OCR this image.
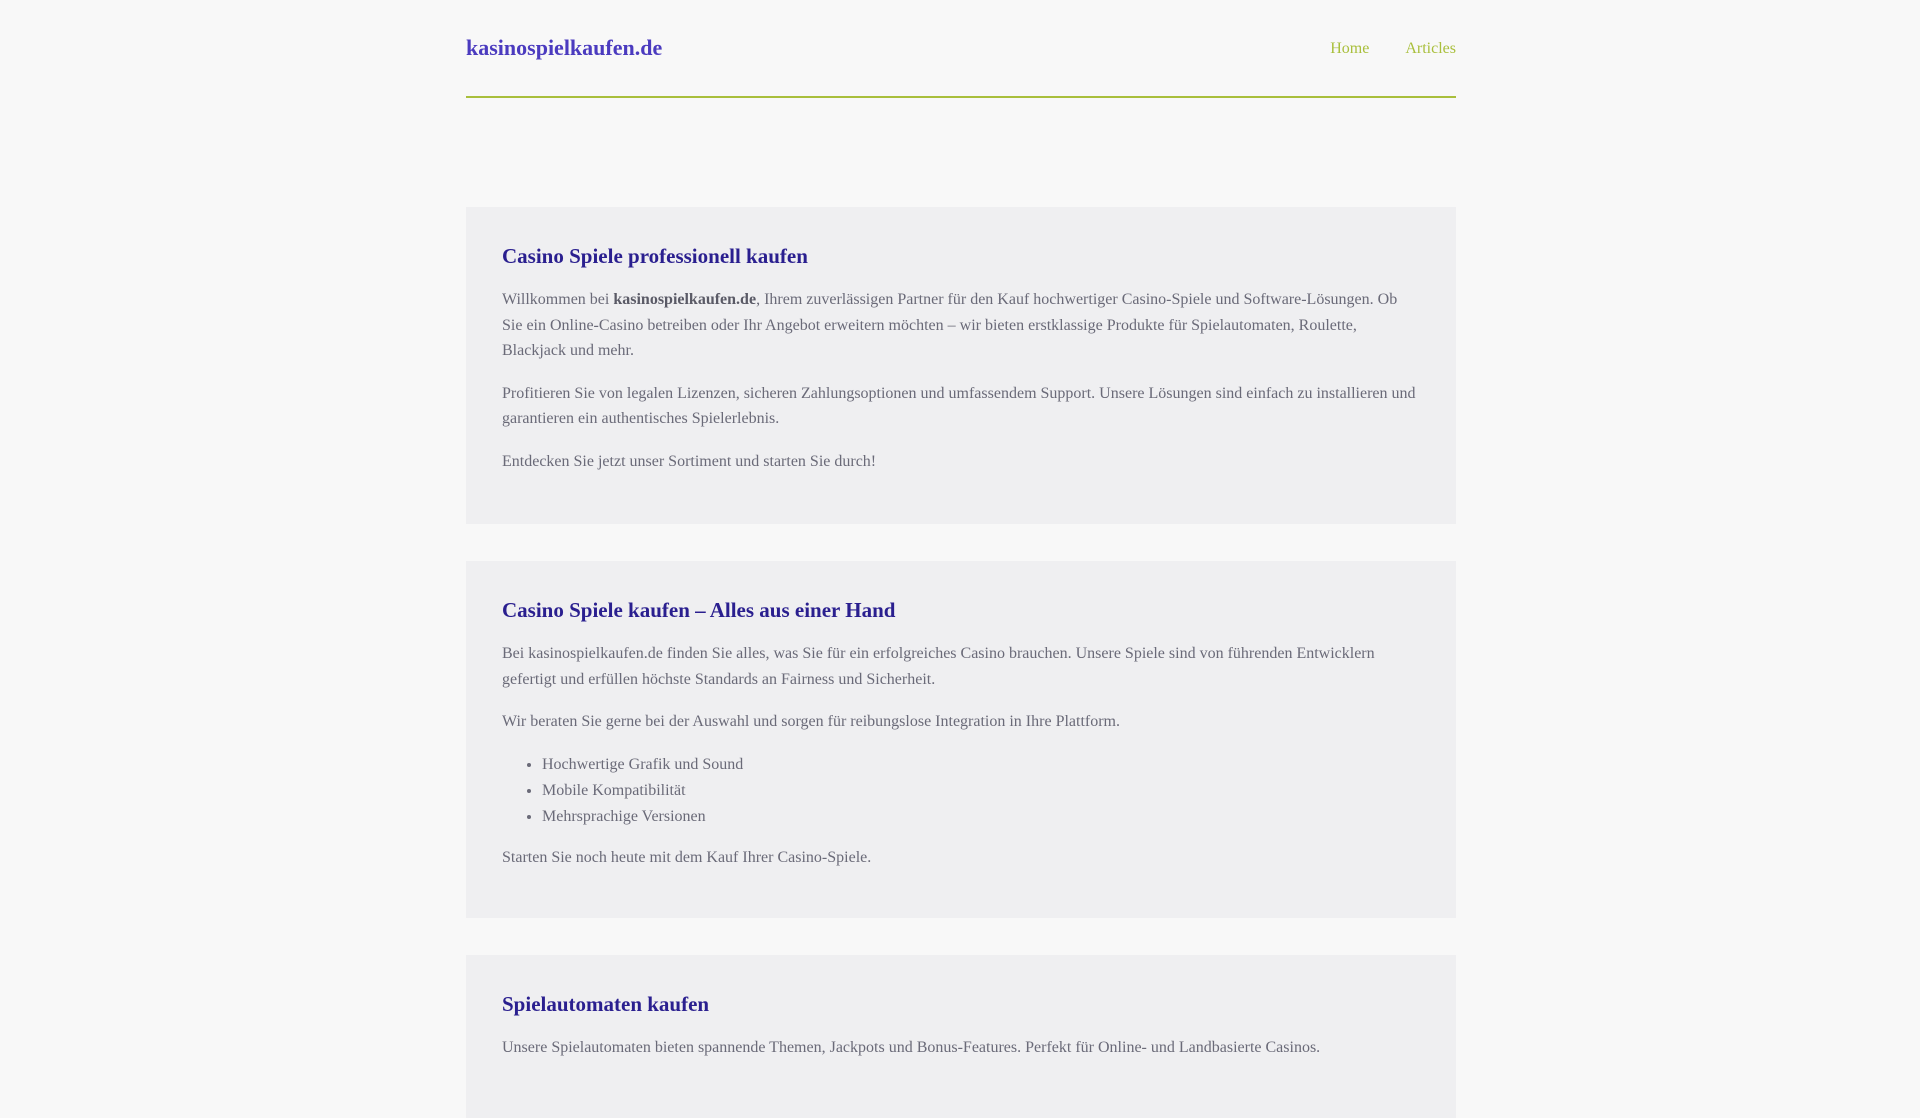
kasinospielkaufen.de	Home Articles
Casino Spiele professionell kaufen

Willkommen bei kasinospielkaufen.de, Ihrem zuverlässigen Partner für den Kauf hochwertiger Casino-Spiele und Software-Lösungen. Ob Sie ein Online-Casino betreiben oder Ihr Angebot erweitern möchten – wir bieten erstklassige Produkte für Spielautomaten, Roulette, Blackjack und mehr.

Profitieren Sie von legalen Lizenzen, sicheren Zahlungsoptionen und umfassendem Support. Unsere Lösungen sind einfach zu installieren und garantieren ein authentisches Spielerlebnis.

Entdecken Sie jetzt unser Sortiment und starten Sie durch!

Casino Spiele kaufen – Alles aus einer Hand

Bei kasinospielkaufen.de finden Sie alles, was Sie für ein erfolgreiches Casino brauchen. Unsere Spiele sind von führenden Entwicklern gefertigt und erfüllen höchste Standards an Fairness und Sicherheit.

Wir beraten Sie gerne bei der Auswahl und sorgen für reibungslose Integration in Ihre Plattform.

• Hochwertige Grafik und Sound
• Mobile Kompatibilität
• Mehrsprachige Versionen

Starten Sie noch heute mit dem Kauf Ihrer Casino-Spiele.

Spielautomaten kaufen

Unsere Spielautomaten bieten spannende Themen, Jackpots und Bonus-Features. Perfekt für Online- und Landbasierte Casinos.
